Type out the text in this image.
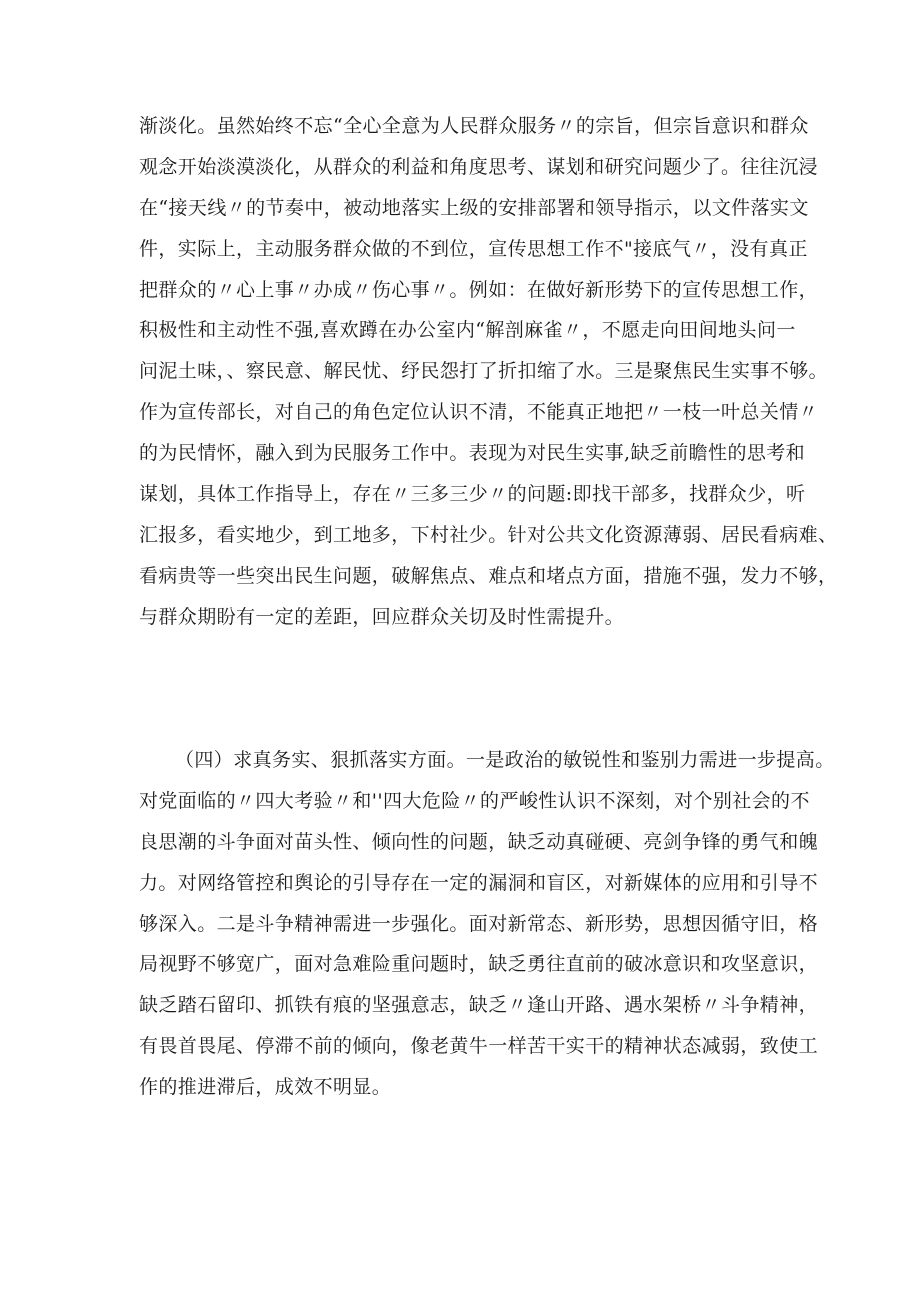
渐淡化。虽然始终不忘“全心全意为人民群众服务〃的宗旨，但宗旨意识和群众
观念开始淡漠淡化，从群众的利益和角度思考、谋划和研究问题少了。往往沉浸
在“接天线〃的节奏中，被动地落实上级的安排部署和领导指示，以文件落实文
件，实际上，主动服务群众做的不到位，宣传思想工作不"接底气〃，没有真正
把群众的〃心上事〃办成〃伤心事〃。例如：在做好新形势下的宣传思想工作，
积极性和主动性不强,喜欢蹲在办公室内“解剖麻雀〃，不愿走向田间地头问一
问泥土味，、察民意、解民忧、纾民怨打了折扣缩了水。三是聚焦民生实事不够。
作为宣传部长，对自己的角色定位认识不清，不能真正地把〃一枝一叶总关情〃
的为民情怀，融入到为民服务工作中。表现为对民生实事,缺乏前瞻性的思考和
谋划，具体工作指导上，存在〃三多三少〃的问题:即找干部多，找群众少，听
汇报多，看实地少，到工地多，下村社少。针对公共文化资源薄弱、居民看病难、
看病贵等一些突出民生问题，破解焦点、难点和堵点方面，措施不强，发力不够，
与群众期盼有一定的差距，回应群众关切及时性需提升。
（四）求真务实、狠抓落实方面。一是政治的敏锐性和鉴别力需进一步提高。
对党面临的〃四大考验〃和''四大危险〃的严峻性认识不深刻，对个别社会的不
良思潮的斗争面对苗头性、倾向性的问题，缺乏动真碰硬、亮剑争锋的勇气和魄
力。对网络管控和舆论的引导存在一定的漏洞和盲区，对新媒体的应用和引导不
够深入。二是斗争精神需进一步强化。面对新常态、新形势，思想因循守旧，格
局视野不够宽广，面对急难险重问题时，缺乏勇往直前的破冰意识和攻坚意识，
缺乏踏石留印、抓铁有痕的坚强意志，缺乏〃逢山开路、遇水架桥〃斗争精神，
有畏首畏尾、停滞不前的倾向，像老黄牛一样苦干实干的精神状态减弱，致使工
作的推进滞后，成效不明显。
